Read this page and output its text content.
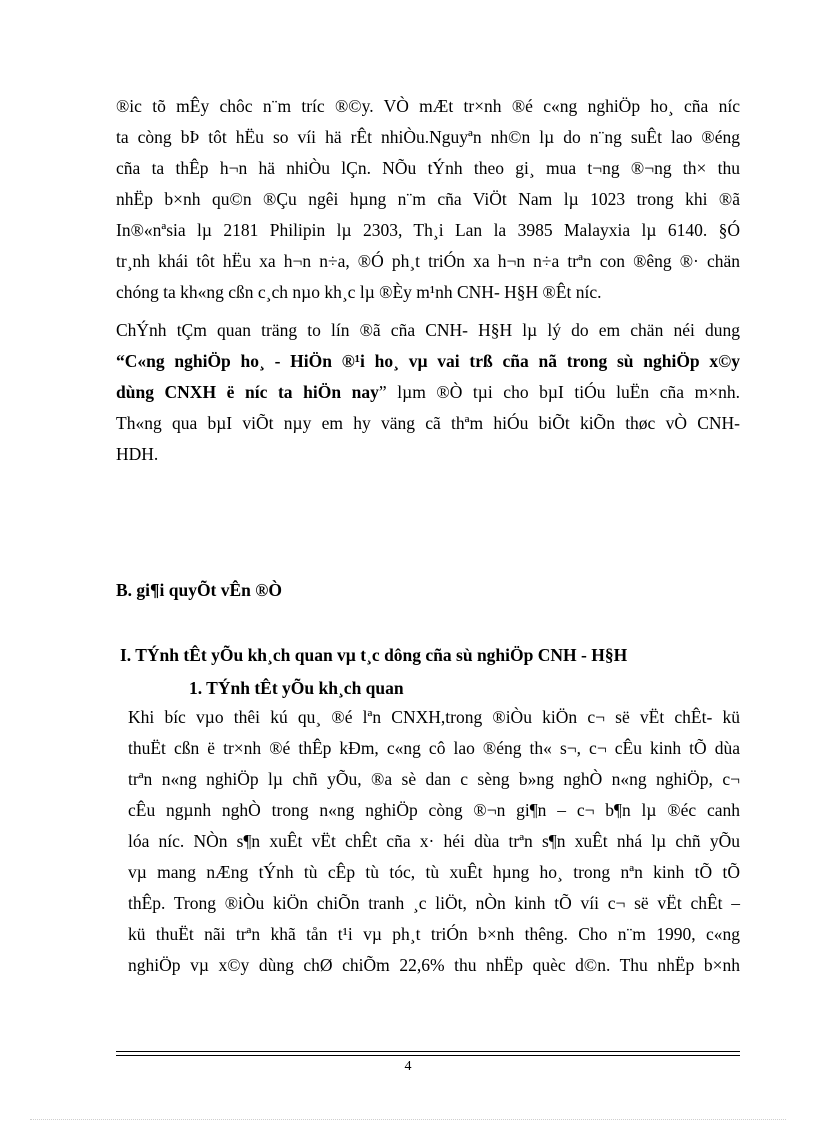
®ic tõ mÊy chôc n¨m tríc ®©y. VÒ mÆt tr×nh ®é c«ng nghiÖp ho¸ cña níc
ta còng bÞ tôt hËu so víi hä rÊt nhiÒu.Nguyªn nh©n lµ do n¨ng suÊt lao ®éng
cña ta thÊp h¬n hä nhiÒu lÇn. NÕu tÝnh theo gi¸ mua t¬ng ®¬ng th× thu
nhËp b×nh qu©n ®Çu ngêi hµng n¨m cña ViÖt Nam lµ 1023 trong khi ®ã
In®«nªsia lµ 2181 Philipin lµ 2303, Th¸i Lan la 3985 Malayxia lµ 6140. §Ó
tr¸nh khái tôt hËu xa h¬n n÷a, ®Ó ph¸t triÓn xa h¬n n÷a trªn con ®êng ®· chän
chóng ta kh«ng cßn c¸ch nµo kh¸c lµ ®Èy m¹nh CNH- H§H ®Êt níc.
ChÝnh tÇm quan träng to lín ®ã cña CNH- H§H lµ lý do em chän néi dung
“C«ng nghiÖp ho¸ - HiÖn ®¹i ho¸ vµ vai trß cña nã trong sù nghiÖp x©y
dùng CNXH ë níc ta hiÖn nay” lµm ®Ò tµi cho bµI tiÓu luËn cña m×nh.
Th«ng qua bµI viÕt nµy em hy väng cã thªm hiÓu biÕt kiÕn thøc vÒ CNH-
HDH.
B. gi¶i quyÕt vÊn ®Ò
I. TÝnh tÊt yÕu kh¸ch quan vµ t¸c dông cña sù nghiÖp CNH - H§H
1. TÝnh tÊt yÕu kh¸ch quan
Khi bíc vµo thêi kú qu¸ ®é lªn CNXH,trong ®iÒu kiÖn c¬ së vËt chÊt- kü
thuËt cßn ë tr×nh ®é thÊp kÐm, c«ng cô lao ®éng th« s¬, c¬ cÊu kinh tÕ dùa
trªn n«ng nghiÖp lµ chñ yÕu, ®a sè dan c sèng b»ng nghÒ n«ng nghiÖp, c¬
cÊu ngµnh nghÒ trong n«ng nghiÖp còng ®¬n gi¶n – c¬ b¶n lµ ®éc canh
lóa níc. NÒn s¶n xuÊt vËt chÊt cña x· héi dùa trªn s¶n xuÊt nhá lµ chñ yÕu
vµ mang nÆng tÝnh tù cÊp tù tóc, tù xuÊt hµng ho¸ trong nªn kinh tÕ tÕ
thÊp. Trong ®iÒu kiÖn chiÕn tranh ¸c liÖt, nÒn kinh tÕ víi c¬ së vËt chÊt –
kü thuËt nãi trªn khã tån t¹i vµ ph¸t triÓn b×nh thêng. Cho n¨m 1990, c«ng
nghiÖp vµ x©y dùng chØ chiÕm 22,6% thu nhËp quèc d©n. Thu nhËp b×nh
4
